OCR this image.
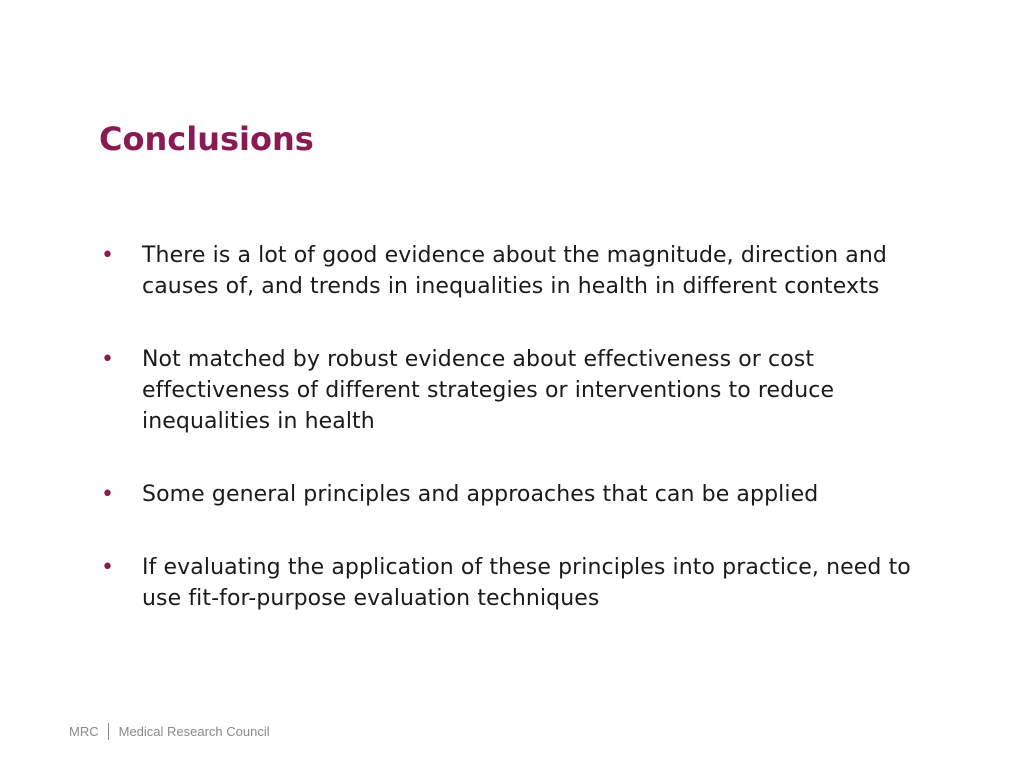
Conclusions
• There is a lot of good evidence about the magnitude, direction and causes of, and trends in inequalities in health in different contexts
• Not matched by robust evidence about effectiveness or cost effectiveness of different strategies or interventions to reduce inequalities in health
• Some general principles and approaches that can be applied
• If evaluating the application of these principles into practice, need to use fit-for-purpose evaluation techniques
MRC Medical Research Council
